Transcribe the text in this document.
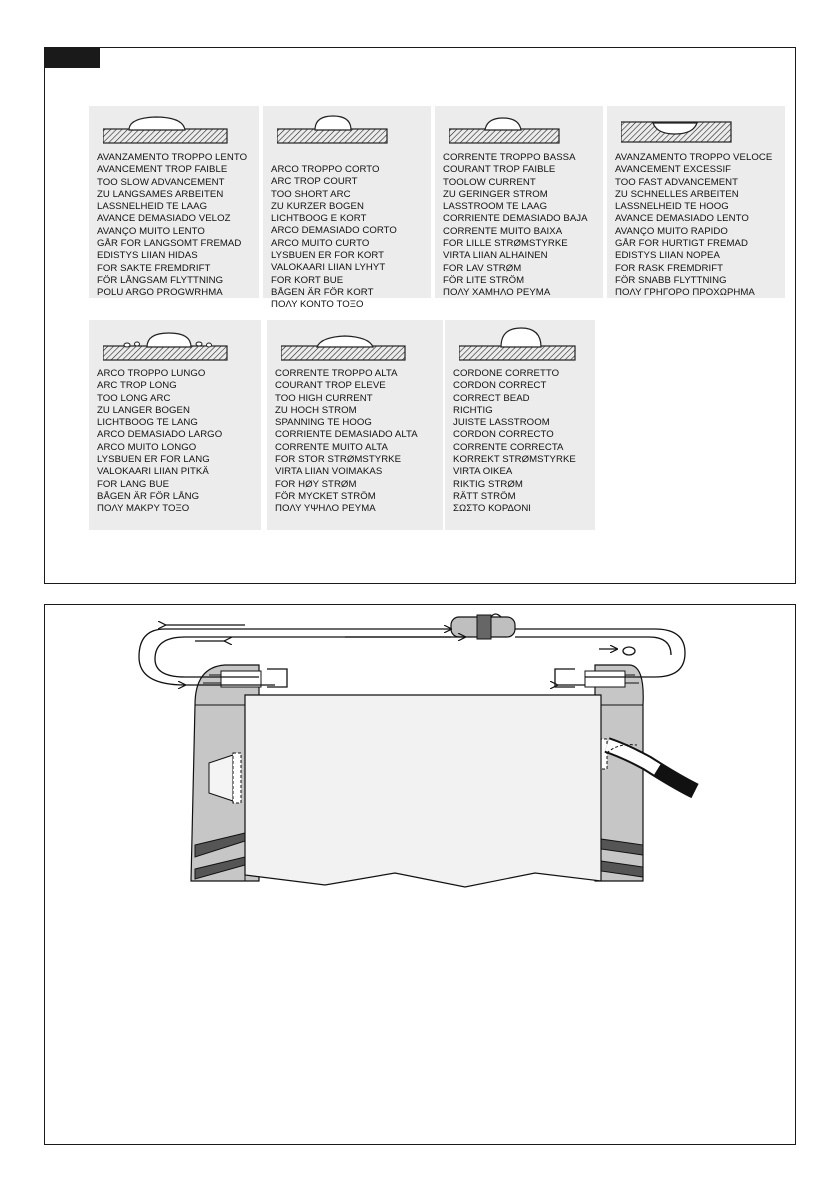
AVANZAMENTO TROPPO LENTO
AVANCEMENT TROP FAIBLE
TOO SLOW ADVANCEMENT
ZU LANGSAMES ARBEITEN
LASSNELHEID TE LAAG
AVANCE DEMASIADO VELOZ
AVANÇO MUITO LENTO
GÅR FOR LANGSOMT FREMAD
EDISTYS LIIAN HIDAS
FOR SAKTE FREMDRIFT
FÖR LÅNGSAM FLYTTNING
POLU ARGO PROGWRHMA
ARCO TROPPO CORTO
ARC TROP COURT
TOO SHORT ARC
ZU KURZER BOGEN
LICHTBOOG E KORT
ARCO DEMASIADO CORTO
ARCO MUITO CURTO
LYSBUEN ER FOR KORT
VALOKAARI LIIAN LYHYT
FOR KORT BUE
BÅGEN ÄR FÖR KORT
ΠΟΛΥ ΚΟΝΤΟ ΤΟΞΟ
CORRENTE TROPPO BASSA
COURANT TROP FAIBLE
TOOLOW CURRENT
ZU GERINGER STROM
LASSTROOM TE LAAG
CORRIENTE DEMASIADO BAJA
CORRENTE MUITO BAIXA
FOR LILLE STRØMSTYRKE
VIRTA LIIAN ALHAINEN
FOR LAV STRØM
FÖR LITE STRÖM
ΠΟΛΥ ΧΑΜΗΛΟ ΡΕΥΜΑ
AVANZAMENTO TROPPO VELOCE
AVANCEMENT EXCESSIF
TOO FAST ADVANCEMENT
ZU SCHNELLES ARBEITEN
LASSNELHEID TE HOOG
AVANCE DEMASIADO LENTO
AVANÇO MUITO RAPIDO
GÅR FOR HURTIGT FREMAD
EDISTYS LIIAN NOPEA
FOR RASK FREMDRIFT
FÖR SNABB FLYTTNING
ΠΟΛΥ ΓΡΗΓΟΡΟ ΠΡΟΧΩΡΗΜΑ
ARCO TROPPO LUNGO
ARC TROP LONG
TOO LONG ARC
ZU LANGER BOGEN
LICHTBOOG TE LANG
ARCO DEMASIADO LARGO
ARCO MUITO LONGO
LYSBUEN ER FOR LANG
VALOKAARI LIIAN PITKÄ
FOR LANG BUE
BÅGEN ÄR FÖR LÅNG
ΠΟΛΥ ΜΑΚΡΥ ΤΟΞΟ
CORRENTE TROPPO ALTA
COURANT TROP ELEVE
TOO HIGH CURRENT
ZU HOCH STROM
SPANNING TE HOOG
CORRIENTE DEMASIADO ALTA
CORRENTE MUITO ALTA
FOR STOR STRØMSTYRKE
VIRTA LIIAN VOIMAKAS
FOR HØY STRØM
FÖR MYCKET STRÖM
ΠΟΛΥ ΥΨΗΛΟ ΡΕΥΜΑ
CORDONE CORRETTO
CORDON CORRECT
CORRECT BEAD
RICHTIG
JUISTE LASSTROOM
CORDON CORRECTO
CORRENTE CORRECTA
KORREKT STRØMSTYRKE
VIRTA OIKEA
RIKTIG STRØM
RÄTT STRÖM
ΣΩΣΤΟ ΚΟΡΔΟΝΙ
